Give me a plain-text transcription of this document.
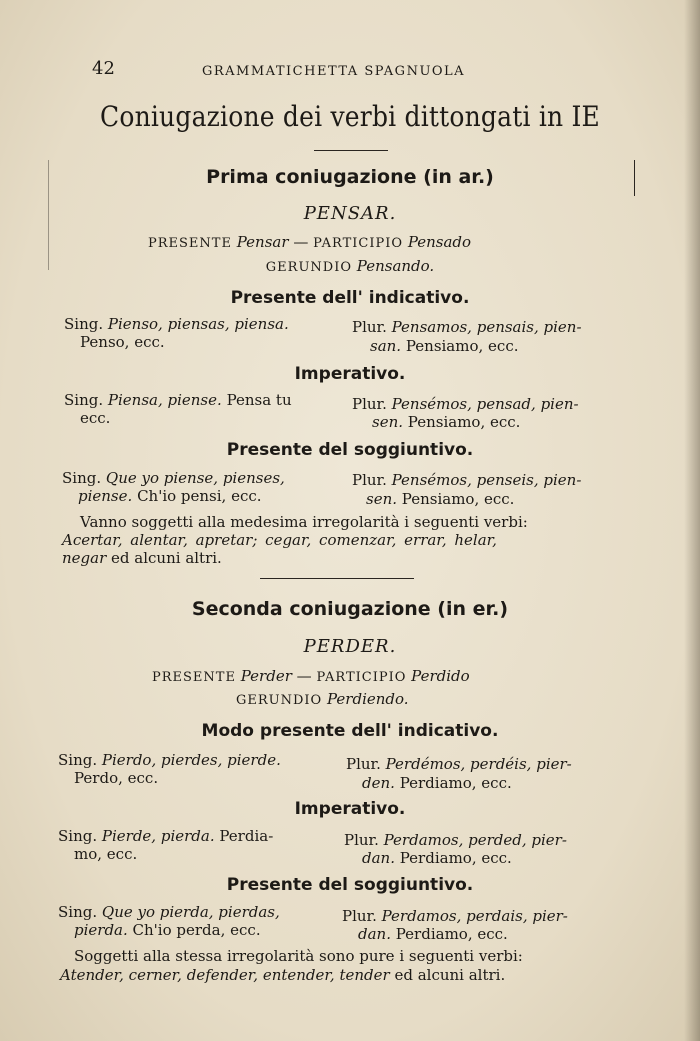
42	GRAMMATICHETTA SPAGNUOLA
Coniugazione dei verbi dittongati in IE
Prima coniugazione (in ar.)
PENSAR.
PRESENTE Pensar — PARTICIPIO Pensado
GERUNDIO Pensando.
Presente dell' indicativo.
Sing. Pienso, piensas, piensa.
Penso, ecc.
Plur. Pensamos, pensais, pien-
san. Pensiamo, ecc.
Imperativo.
Sing. Piensa, piense. Pensa tu
ecc.
Plur. Pensémos, pensad, pien-
sen. Pensiamo, ecc.
Presente del soggiuntivo.
Sing. Que yo piense, pienses,
piense. Ch'io pensi, ecc.
Plur. Pensémos, penseis, pien-
sen. Pensiamo, ecc.
Vanno soggetti alla medesima irregolarità i seguenti verbi:
Acertar, alentar, apretar; cegar, comenzar, errar, helar,
negar ed alcuni altri.
Seconda coniugazione (in er.)
PERDER.
PRESENTE Perder — PARTICIPIO Perdido
GERUNDIO Perdiendo.
Modo presente dell' indicativo.
Sing. Pierdo, pierdes, pierde.
Perdo, ecc.
Plur. Perdémos, perdéis, pier-
den. Perdiamo, ecc.
Imperativo.
Sing. Pierde, pierda. Perdia-
mo, ecc.
Plur. Perdamos, perded, pier-
dan. Perdiamo, ecc.
Presente del soggiuntivo.
Sing. Que yo pierda, pierdas,
pierda. Ch'io perda, ecc.
Plur. Perdamos, perdais, pier-
dan. Perdiamo, ecc.
Soggetti alla stessa irregolarità sono pure i seguenti verbi:
Atender, cerner, defender, entender, tender ed alcuni altri.
